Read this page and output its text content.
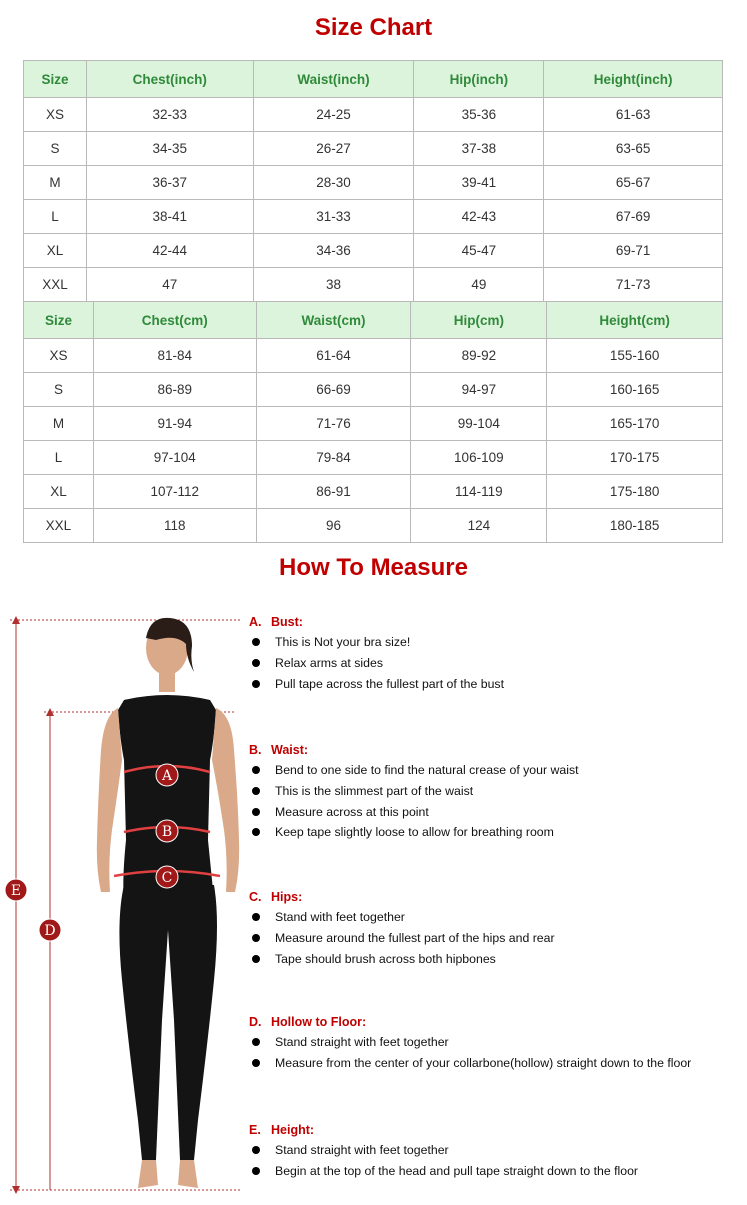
Size Chart
Size	Chest(inch)	Waist(inch)	Hip(inch)	Height(inch)
XS	32-33	24-25	35-36	61-63
S	34-35	26-27	37-38	63-65
M	36-37	28-30	39-41	65-67
L	38-41	31-33	42-43	67-69
XL	42-44	34-36	45-47	69-71
XXL	47	38	49	71-73
Size	Chest(cm)	Waist(cm)	Hip(cm)	Height(cm)
XS	81-84	61-64	89-92	155-160
S	86-89	66-69	94-97	160-165
M	91-94	71-76	99-104	165-170
L	97-104	79-84	106-109	170-175
XL	107-112	86-91	114-119	175-180
XXL	118	96	124	180-185
How To Measure
A
B
C
D
E
A. Bust:
This is Not your bra size!
Relax arms at sides
Pull tape across the fullest part of the bust
B. Waist:
Bend to one side to find the natural crease of your waist
This is the slimmest part of the waist
Measure across at this point
Keep tape slightly loose to allow for breathing room
C. Hips:
Stand with feet together
Measure around the fullest part of the hips and rear
Tape should brush across both hipbones
D. Hollow to Floor:
Stand straight with feet together
Measure from the center of your collarbone(hollow) straight down to the floor
E. Height:
Stand straight with feet together
Begin at the top of the head and pull tape straight down to the floor
